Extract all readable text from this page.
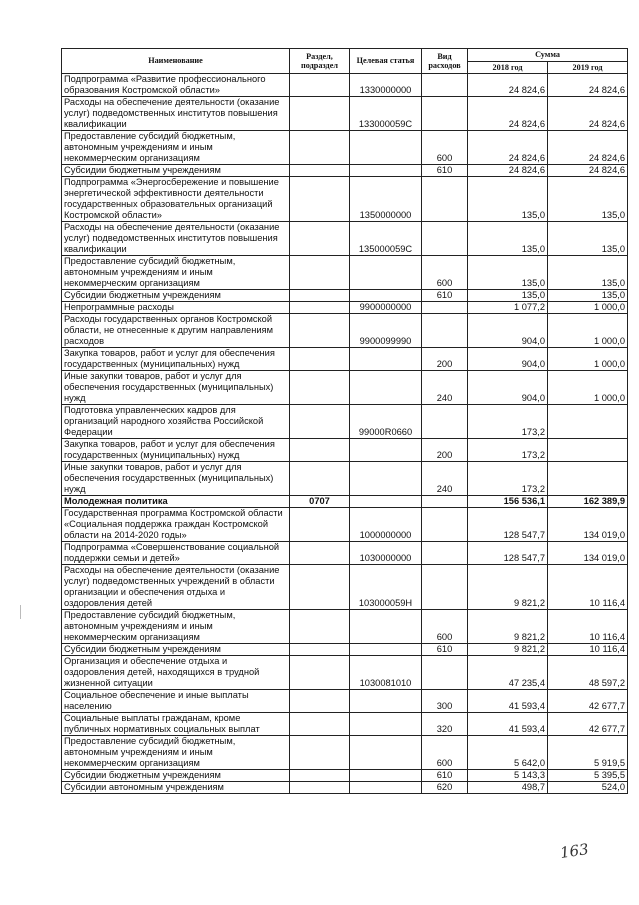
Наименование	Раздел, подраздел	Целевая статья	Вид расходов	Сумма	
				2018 год	2019 год
Подпрограмма «Развитие профессионального образования Костромской области»		1330000000		24 824,6	24 824,6
Расходы на обеспечение деятельности (оказание услуг) подведомственных институтов повышения квалификации		133000059С		24 824,6	24 824,6
Предоставление субсидий бюджетным, автономным учреждениям и иным некоммерческим организациям			600	24 824,6	24 824,6
Субсидии бюджетным учреждениям			610	24 824,6	24 824,6
Подпрограмма «Энергосбережение и повышение энергетической эффективности деятельности государственных образовательных организаций Костромской области»		1350000000		135,0	135,0
Расходы на обеспечение деятельности (оказание услуг) подведомственных институтов повышения квалификации		135000059С		135,0	135,0
Предоставление субсидий бюджетным, автономным учреждениям и иным некоммерческим организациям			600	135,0	135,0
Субсидии бюджетным учреждениям			610	135,0	135,0
Непрограммные расходы		9900000000		1 077,2	1 000,0
Расходы государственных органов Костромской области, не отнесенные к другим направлениям расходов		9900099990		904,0	1 000,0
Закупка товаров, работ и услуг для обеспечения государственных (муниципальных) нужд			200	904,0	1 000,0
Иные закупки товаров, работ и услуг для обеспечения государственных (муниципальных) нужд			240	904,0	1 000,0
Подготовка управленческих кадров для организаций народного хозяйства Российской Федерации		99000R0660		173,2	
Закупка товаров, работ и услуг для обеспечения государственных (муниципальных) нужд			200	173,2	
Иные закупки товаров, работ и услуг для обеспечения государственных (муниципальных) нужд			240	173,2	
Молодежная политика	0707			156 536,1	162 389,9
Государственная программа Костромской области «Социальная поддержка граждан Костромской области на 2014-2020 годы»		1000000000		128 547,7	134 019,0
Подпрограмма «Совершенствование социальной поддержки семьи и детей»		1030000000		128 547,7	134 019,0
Расходы на обеспечение деятельности (оказание услуг) подведомственных учреждений в области организации и обеспечения отдыха и оздоровления детей		103000059Н		9 821,2	10 116,4
Предоставление субсидий бюджетным, автономным учреждениям и иным некоммерческим организациям			600	9 821,2	10 116,4
Субсидии бюджетным учреждениям			610	9 821,2	10 116,4
Организация и обеспечение отдыха и оздоровления детей, находящихся в трудной жизненной ситуации		1030081010		47 235,4	48 597,2
Социальное обеспечение и иные выплаты населению			300	41 593,4	42 677,7
Социальные выплаты гражданам, кроме публичных нормативных социальных выплат			320	41 593,4	42 677,7
Предоставление субсидий бюджетным, автономным учреждениям и иным некоммерческим организациям			600	5 642,0	5 919,5
Субсидии бюджетным учреждениям			610	5 143,3	5 395,5
Субсидии автономным учреждениям			620	498,7	524,0
163
